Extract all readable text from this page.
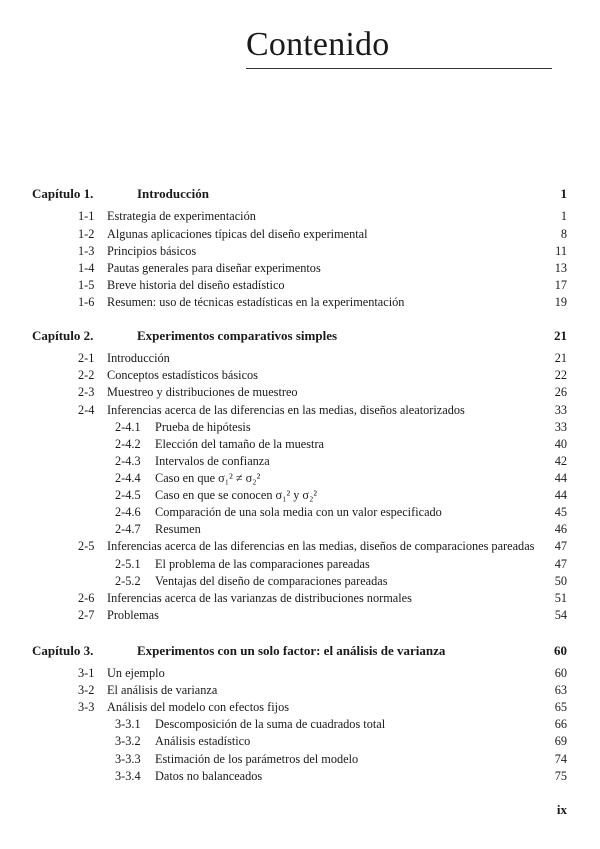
Contenido
Capítulo 1.	Introducción	1
1-1 Estrategia de experimentación	1
1-2 Algunas aplicaciones típicas del diseño experimental	8
1-3 Principios básicos	11
1-4 Pautas generales para diseñar experimentos	13
1-5 Breve historia del diseño estadístico	17
1-6 Resumen: uso de técnicas estadísticas en la experimentación	19
Capítulo 2.	Experimentos comparativos simples	21
2-1 Introducción	21
2-2 Conceptos estadísticos básicos	22
2-3 Muestreo y distribuciones de muestreo	26
2-4 Inferencias acerca de las diferencias en las medias, diseños aleatorizados	33
2-4.1 Prueba de hipótesis	33
2-4.2 Elección del tamaño de la muestra	40
2-4.3 Intervalos de confianza	42
2-4.4 Caso en que σ₁² ≠ σ₂²	44
2-4.5 Caso en que se conocen σ₁² y σ₂²	44
2-4.6 Comparación de una sola media con un valor especificado	45
2-4.7 Resumen	46
2-5 Inferencias acerca de las diferencias en las medias, diseños de comparaciones pareadas 47
2-5.1 El problema de las comparaciones pareadas	47
2-5.2 Ventajas del diseño de comparaciones pareadas	50
2-6 Inferencias acerca de las varianzas de distribuciones normales	51
2-7 Problemas	54
Capítulo 3.	Experimentos con un solo factor: el análisis de varianza	60
3-1 Un ejemplo	60
3-2 El análisis de varianza	63
3-3 Análisis del modelo con efectos fijos	65
3-3.1 Descomposición de la suma de cuadrados total	66
3-3.2 Análisis estadístico	69
3-3.3 Estimación de los parámetros del modelo	74
3-3.4 Datos no balanceados	75
ix
